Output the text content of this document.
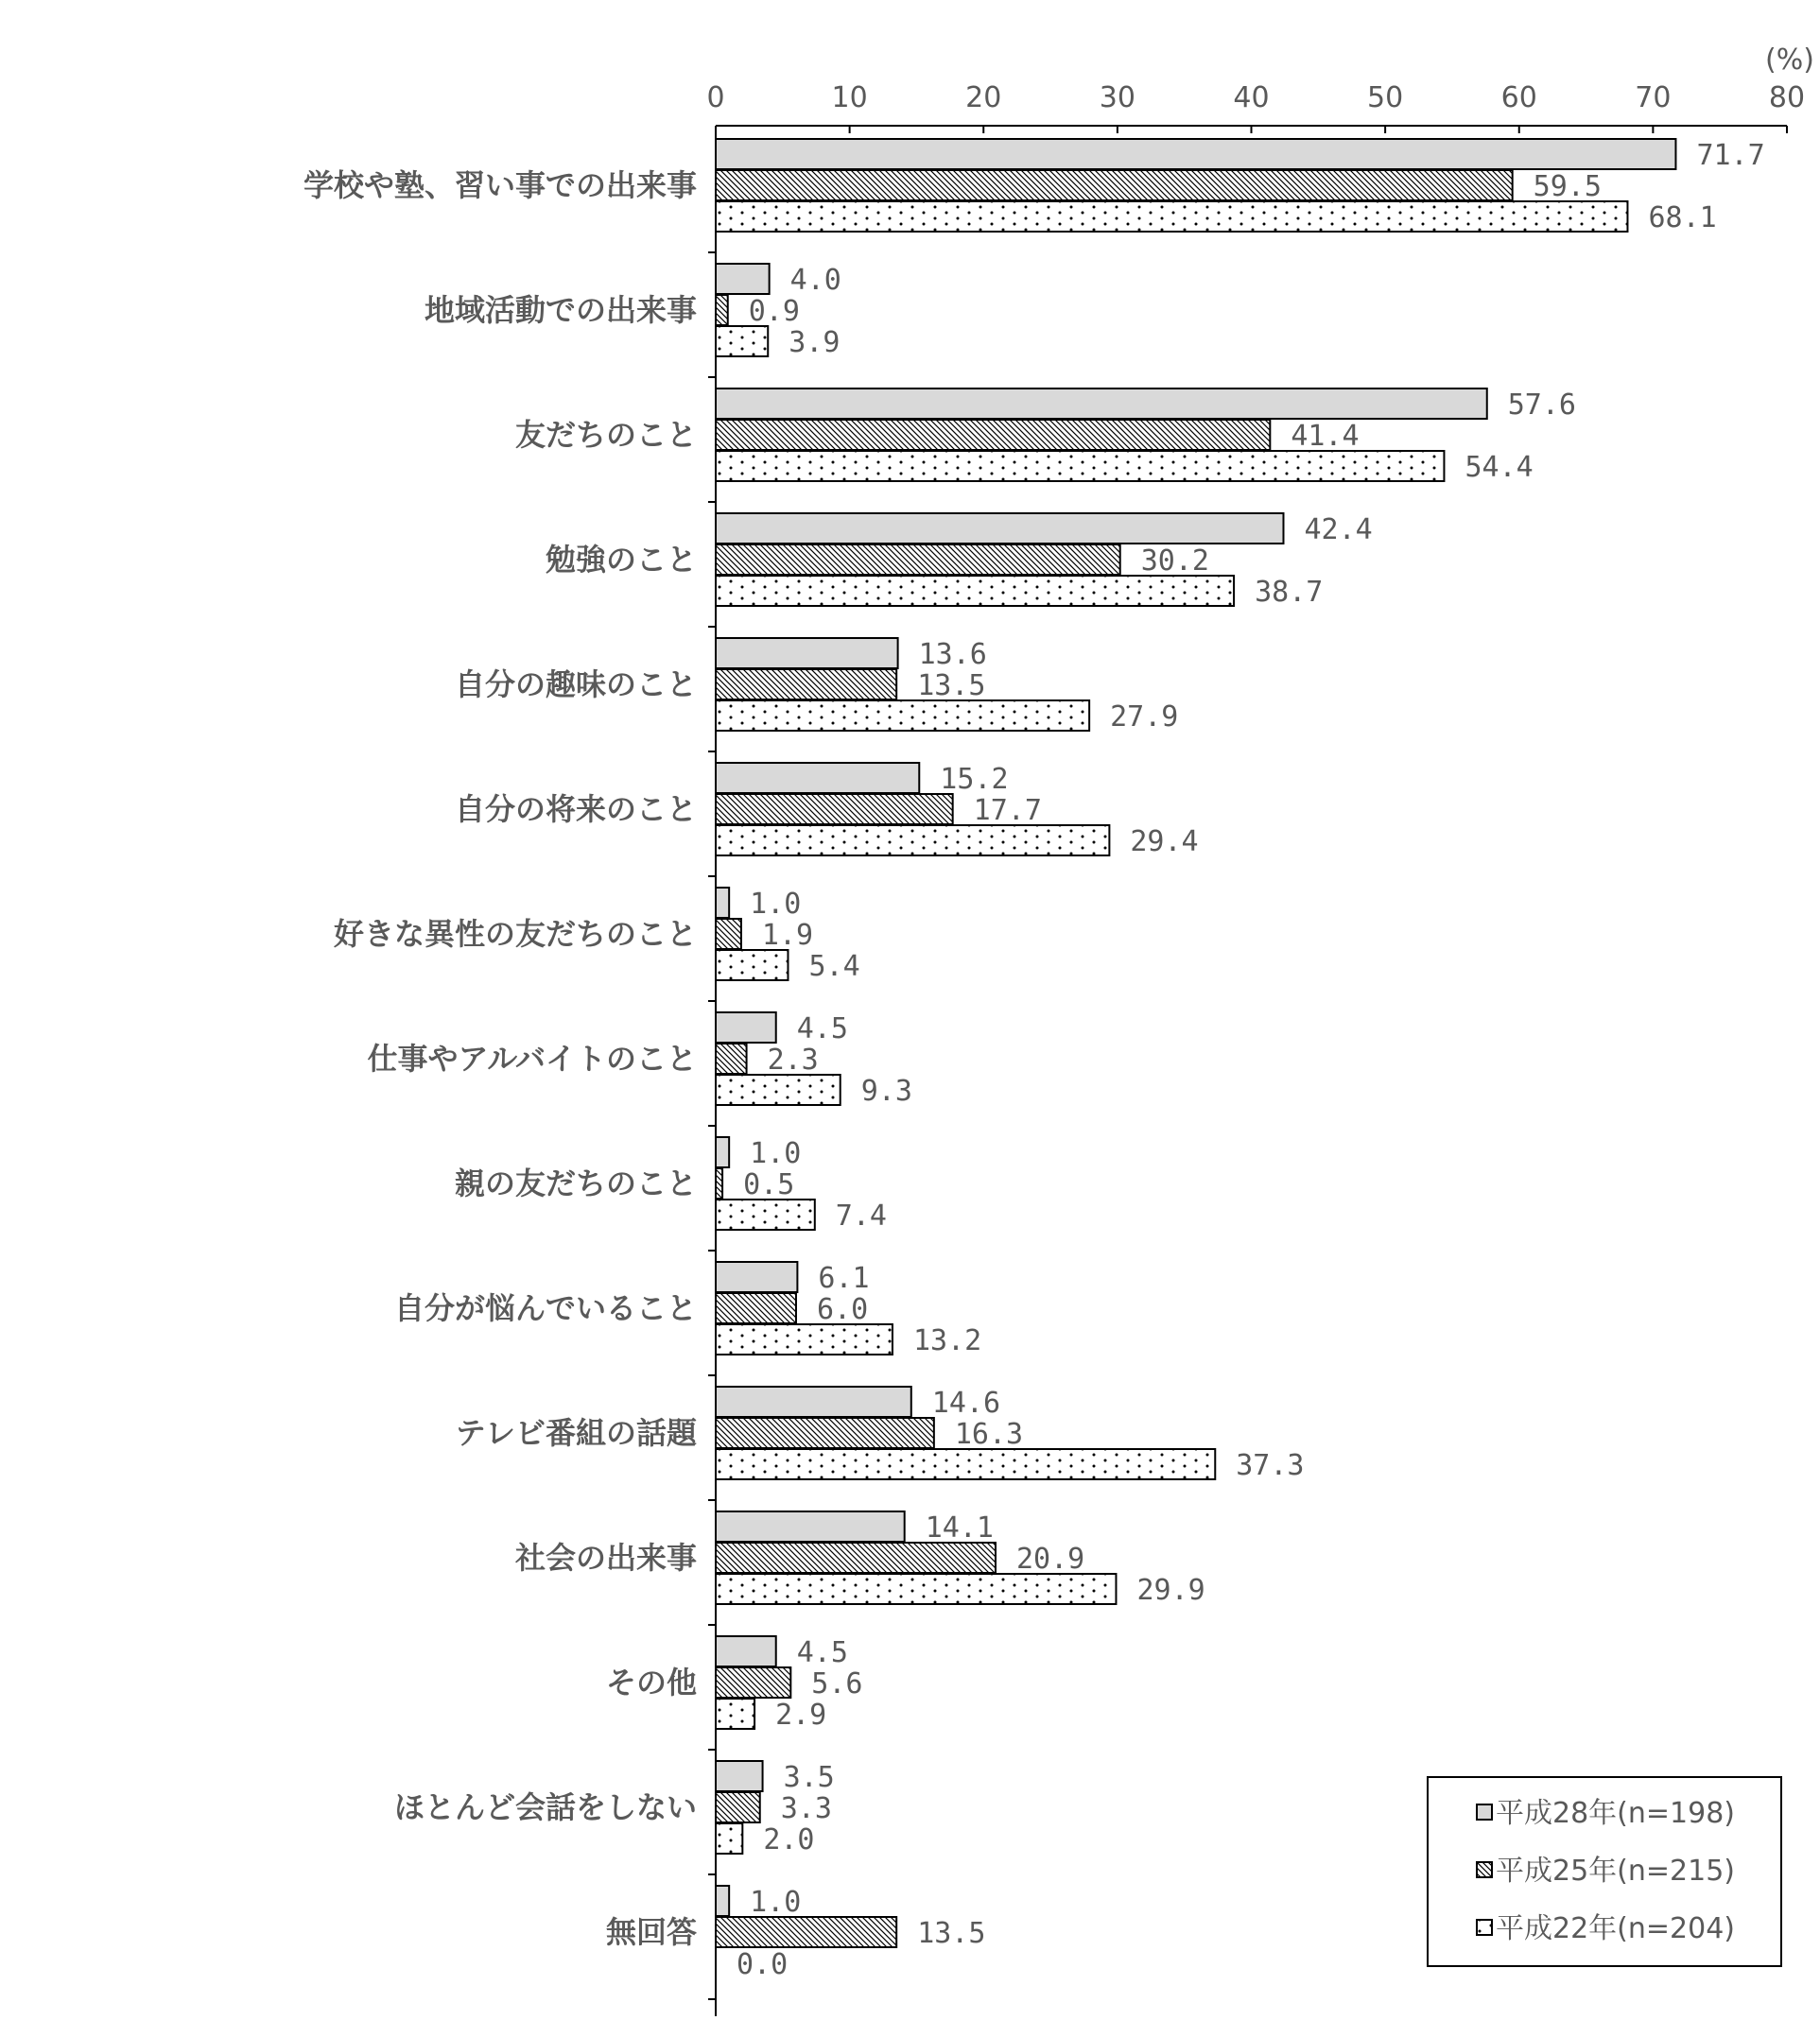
0	10	20	30	40	50	60	70	80
(%)
学校や塾、習い事での出来事
71.7
59.5
68.1
地域活動での出来事
4.0
0.9
3.9
友だちのこと
57.6
41.4
54.4
勉強のこと
42.4
30.2
38.7
自分の趣味のこと
13.6
13.5
27.9
自分の将来のこと
15.2
17.7
29.4
好きな異性の友だちのこと
1.0
1.9
5.4
仕事やアルバイトのこと
4.5
2.3
9.3
親の友だちのこと
1.0
0.5
7.4
自分が悩んでいること
6.1
6.0
13.2
テレビ番組の話題
14.6
16.3
37.3
社会の出来事
14.1
20.9
29.9
その他
4.5
5.6
2.9
ほとんど会話をしない
3.5
3.3
2.0
無回答
1.0
13.5
0.0
平成28年(n=198)
平成25年(n=215)
平成22年(n=204)
